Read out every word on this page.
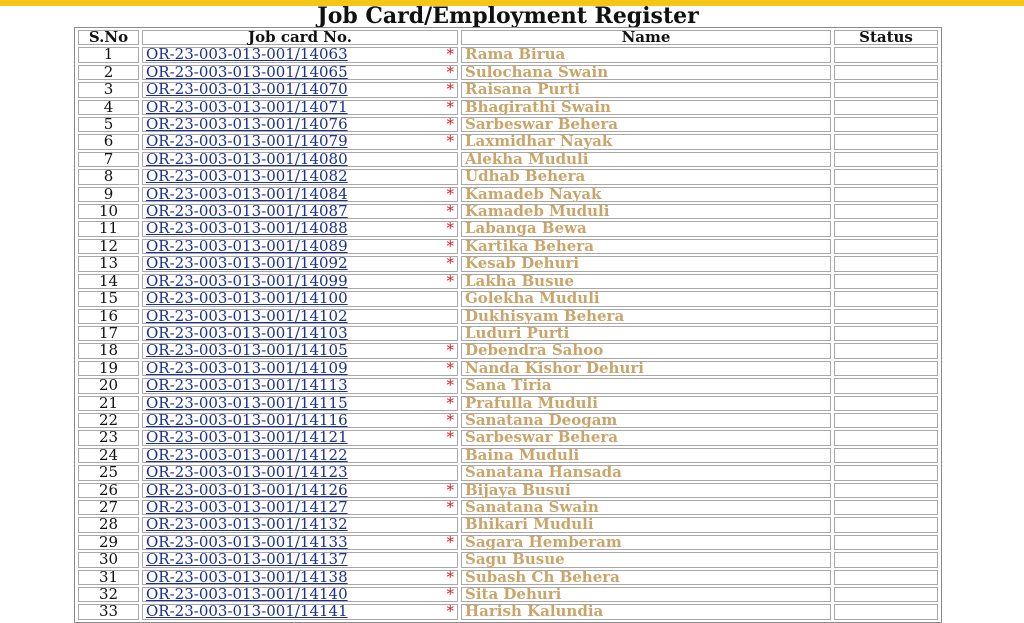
Job Card/Employment Register
S.No	Job card No.	Name	Status
1	OR-23-003-013-001/14063 *	Rama Birua	
2	OR-23-003-013-001/14065 *	Sulochana Swain	
3	OR-23-003-013-001/14070 *	Raisana Purti	
4	OR-23-003-013-001/14071 *	Bhagirathi Swain	
5	OR-23-003-013-001/14076 *	Sarbeswar Behera	
6	OR-23-003-013-001/14079 *	Laxmidhar Nayak	
7	OR-23-003-013-001/14080	Alekha Muduli	
8	OR-23-003-013-001/14082	Udhab Behera	
9	OR-23-003-013-001/14084 *	Kamadeb Nayak	
10	OR-23-003-013-001/14087 *	Kamadeb Muduli	
11	OR-23-003-013-001/14088 *	Labanga Bewa	
12	OR-23-003-013-001/14089 *	Kartika Behera	
13	OR-23-003-013-001/14092 *	Kesab Dehuri	
14	OR-23-003-013-001/14099 *	Lakha Busue	
15	OR-23-003-013-001/14100	Golekha Muduli	
16	OR-23-003-013-001/14102	Dukhisyam Behera	
17	OR-23-003-013-001/14103	Luduri Purti	
18	OR-23-003-013-001/14105 *	Debendra Sahoo	
19	OR-23-003-013-001/14109 *	Nanda Kishor Dehuri	
20	OR-23-003-013-001/14113 *	Sana Tiria	
21	OR-23-003-013-001/14115 *	Prafulla Muduli	
22	OR-23-003-013-001/14116 *	Sanatana Deogam	
23	OR-23-003-013-001/14121 *	Sarbeswar Behera	
24	OR-23-003-013-001/14122	Baina Muduli	
25	OR-23-003-013-001/14123	Sanatana Hansada	
26	OR-23-003-013-001/14126 *	Bijaya Busui	
27	OR-23-003-013-001/14127 *	Sanatana Swain	
28	OR-23-003-013-001/14132	Bhikari Muduli	
29	OR-23-003-013-001/14133 *	Sagara Hemberam	
30	OR-23-003-013-001/14137	Sagu Busue	
31	OR-23-003-013-001/14138 *	Subash Ch Behera	
32	OR-23-003-013-001/14140 *	Sita Dehuri	
33	OR-23-003-013-001/14141 *	Harish Kalundia	
